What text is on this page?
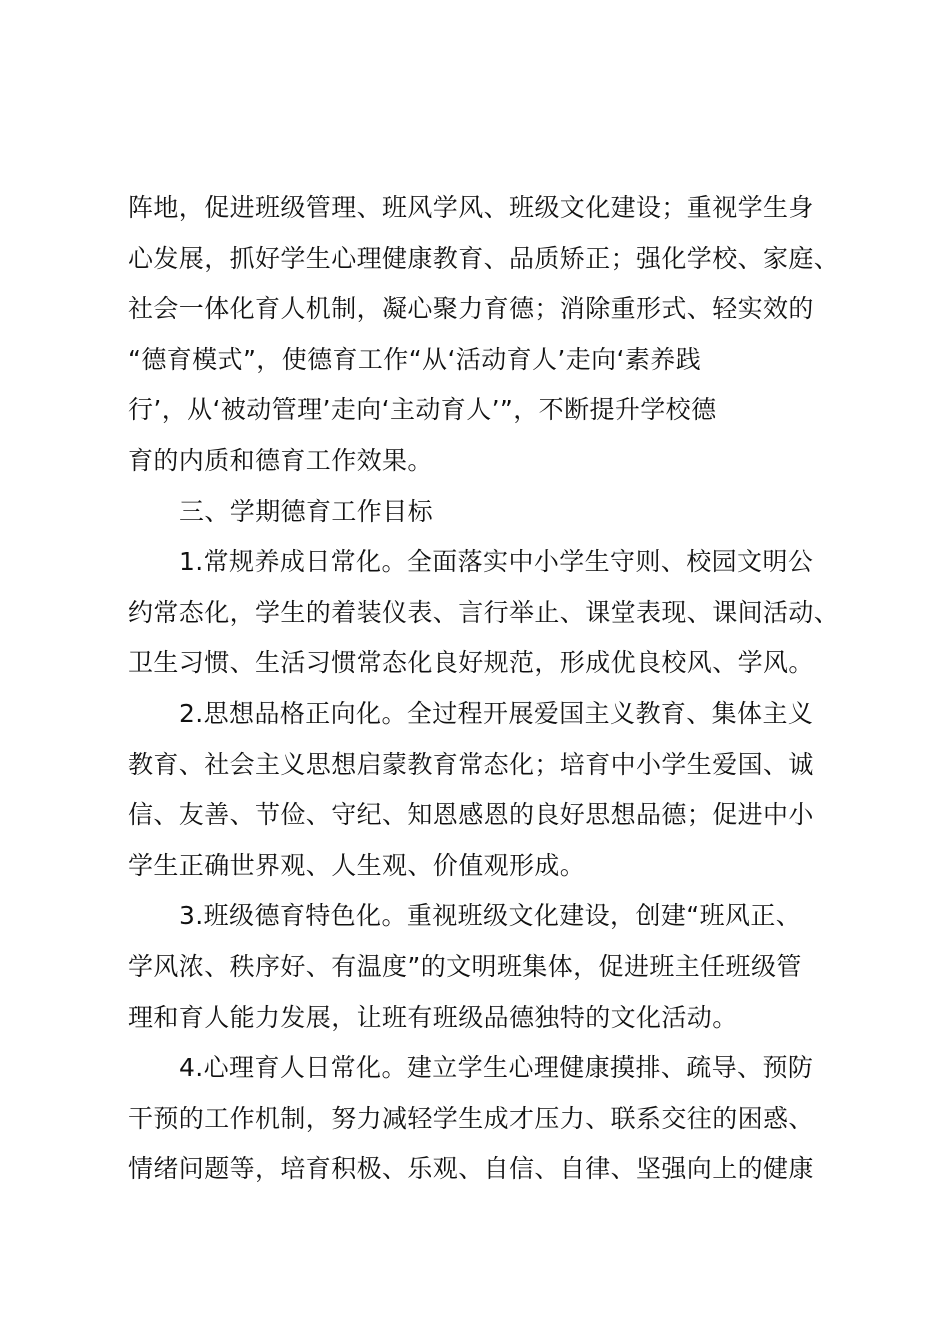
阵地，促进班级管理、班风学风、班级文化建设；重视学生身
心发展，抓好学生心理健康教育、品质矫正；强化学校、家庭、
社会一体化育人机制，凝心聚力育德；消除重形式、轻实效的
“德育模式”，使德育工作“从‘活动育人’走向‘素养践
行’，从‘被动管理’走向‘主动育人’”，不断提升学校德
育的内质和德育工作效果。
三、学期德育工作目标
1.常规养成日常化。全面落实中小学生守则、校园文明公
约常态化，学生的着装仪表、言行举止、课堂表现、课间活动、
卫生习惯、生活习惯常态化良好规范，形成优良校风、学风。
2.思想品格正向化。全过程开展爱国主义教育、集体主义
教育、社会主义思想启蒙教育常态化；培育中小学生爱国、诚
信、友善、节俭、守纪、知恩感恩的良好思想品德；促进中小
学生正确世界观、人生观、价值观形成。
3.班级德育特色化。重视班级文化建设，创建“班风正、
学风浓、秩序好、有温度”的文明班集体，促进班主任班级管
理和育人能力发展，让班有班级品德独特的文化活动。
4.心理育人日常化。建立学生心理健康摸排、疏导、预防
干预的工作机制，努力减轻学生成才压力、联系交往的困惑、
情绪问题等，培育积极、乐观、自信、自律、坚强向上的健康
